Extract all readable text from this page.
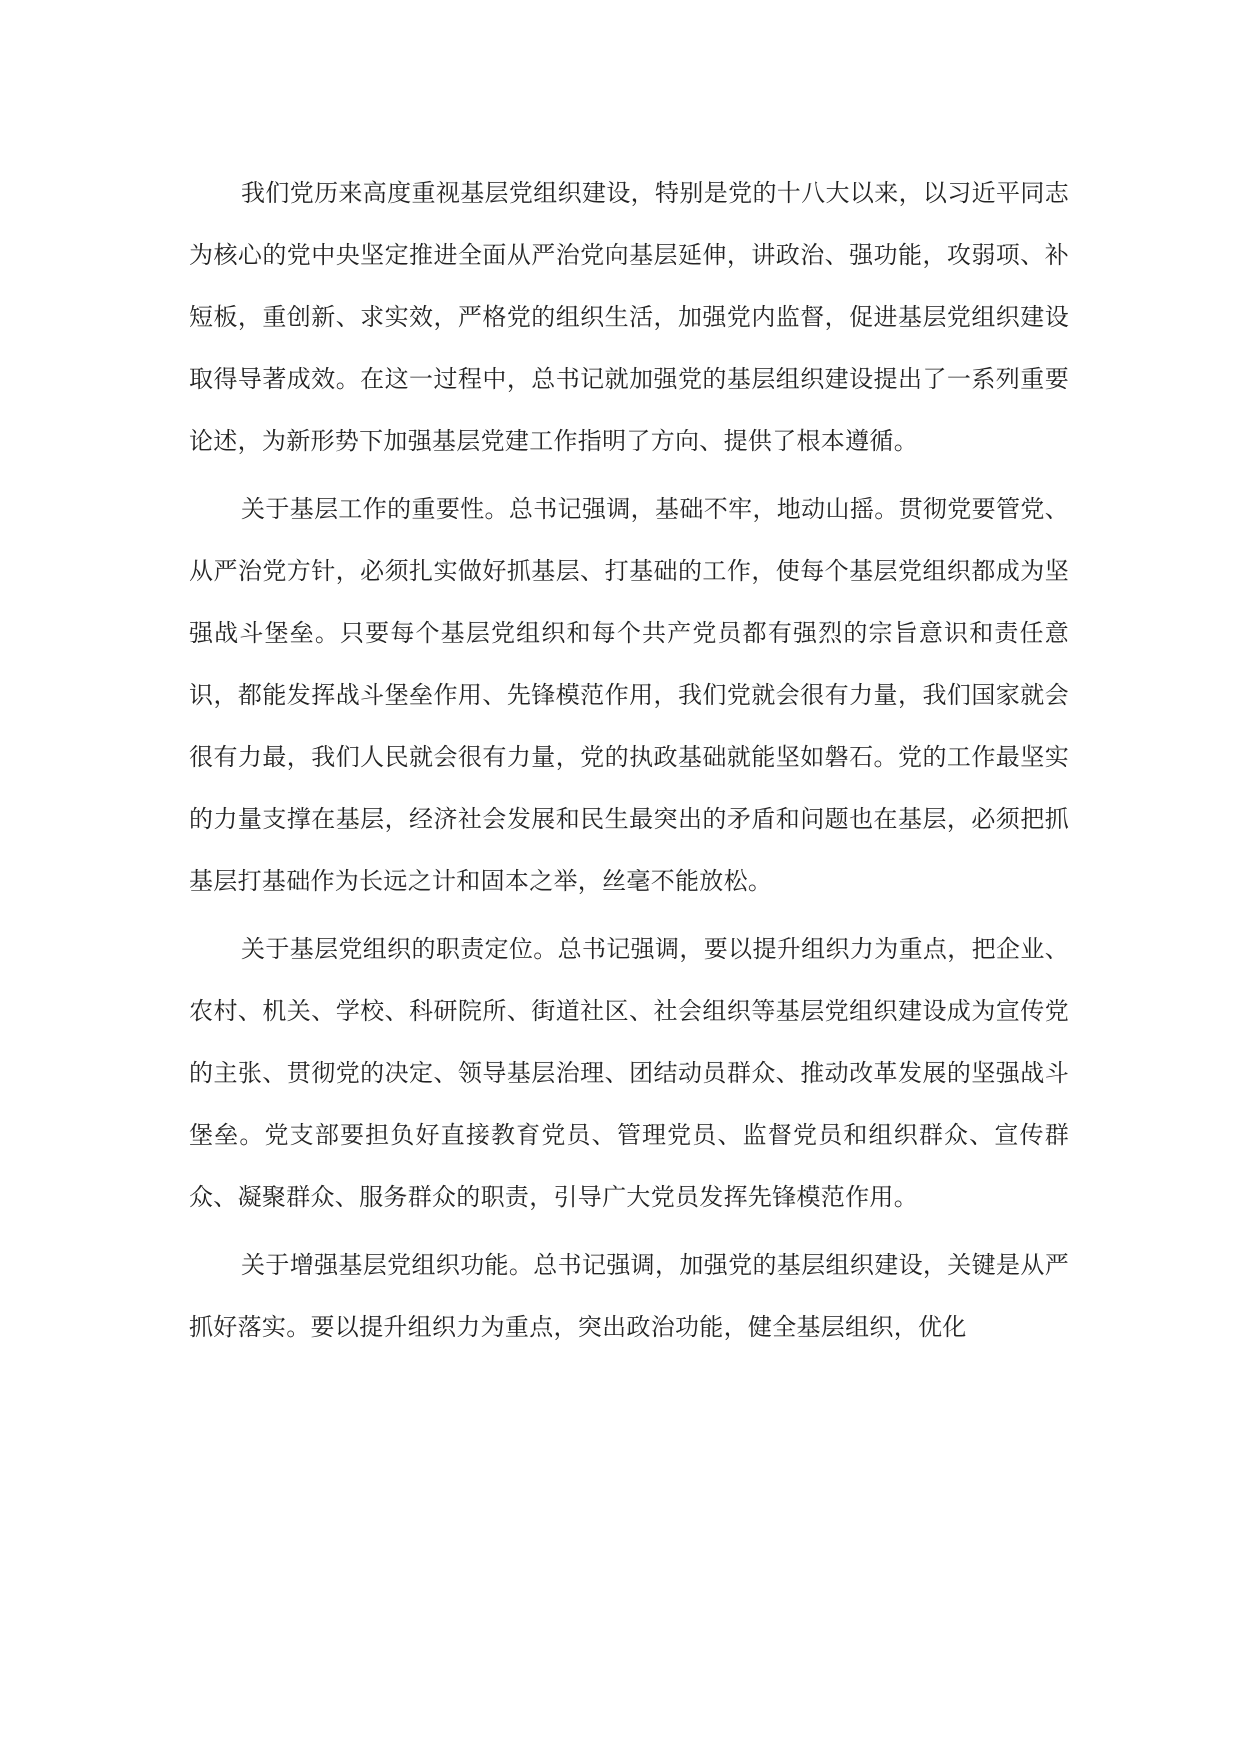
我们党历来高度重视基层党组织建设，特别是党的十八大以来，以习近平同志为核心的党中央坚定推进全面从严治党向基层延伸，讲政治、强功能，攻弱项、补短板，重创新、求实效，严格党的组织生活，加强党内监督，促进基层党组织建设取得导著成效。在这一过程中，总书记就加强党的基层组织建设提出了一系列重要论述，为新形势下加强基层党建工作指明了方向、提供了根本遵循。

关于基层工作的重要性。总书记强调，基础不牢，地动山摇。贯彻党要管党、从严治党方针，必须扎实做好抓基层、打基础的工作，使每个基层党组织都成为坚强战斗堡垒。只要每个基层党组织和每个共产党员都有强烈的宗旨意识和责任意识，都能发挥战斗堡垒作用、先锋模范作用，我们党就会很有力量，我们国家就会很有力最，我们人民就会很有力量，党的执政基础就能坚如磐石。党的工作最坚实的力量支撑在基层，经济社会发展和民生最突出的矛盾和问题也在基层，必须把抓基层打基础作为长远之计和固本之举，丝毫不能放松。

关于基层党组织的职责定位。总书记强调，要以提升组织力为重点，把企业、农村、机关、学校、科研院所、街道社区、社会组织等基层党组织建设成为宣传党的主张、贯彻党的决定、领导基层治理、团结动员群众、推动改革发展的坚强战斗堡垒。党支部要担负好直接教育党员、管理党员、监督党员和组织群众、宣传群众、凝聚群众、服务群众的职责，引导广大党员发挥先锋模范作用。

关于增强基层党组织功能。总书记强调，加强党的基层组织建设，关键是从严抓好落实。要以提升组织力为重点，突出政治功能，健全基层组织，优化
